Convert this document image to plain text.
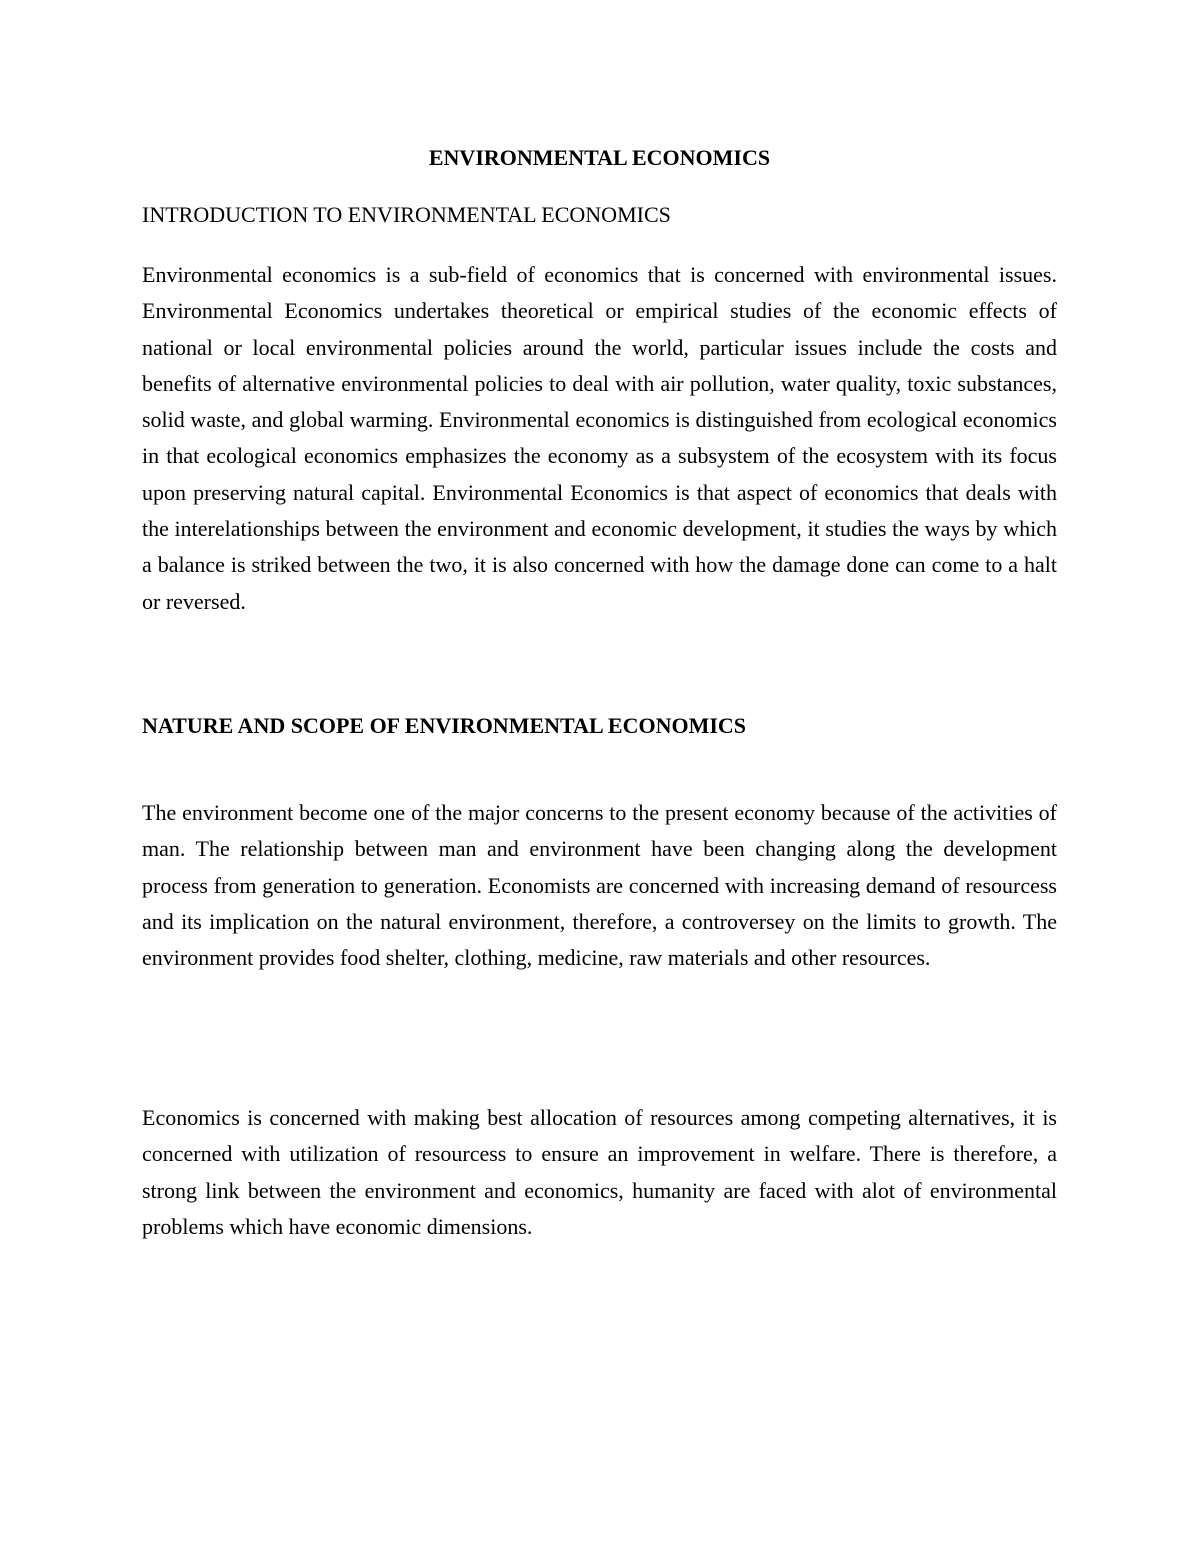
ENVIRONMENTAL ECONOMICS
INTRODUCTION TO ENVIRONMENTAL ECONOMICS

Environmental economics is a sub-field of economics that is concerned with environmental issues. Environmental Economics undertakes theoretical or empirical studies of the economic effects of national or local environmental policies around the world, particular issues include the costs and benefits of alternative environmental policies to deal with air pollution, water quality, toxic substances, solid waste, and global warming. Environmental economics is distinguished from ecological economics in that ecological economics emphasizes the economy as a subsystem of the ecosystem with its focus upon preserving natural capital. Environmental Economics is that aspect of economics that deals with the interelationships between the environment and economic development, it studies the ways by which a balance is striked between the two, it is also concerned with how the damage done can come to a halt or reversed.

NATURE AND SCOPE OF ENVIRONMENTAL ECONOMICS

The environment become one of the major concerns to the present economy because of the activities of man. The relationship between man and environment have been changing along the development process from generation to generation. Economists are concerned with increasing demand of resourcess and its implication on the natural environment, therefore, a controversey on the limits to growth. The environment provides food shelter, clothing, medicine, raw materials and other resources.

Economics is concerned with making best allocation of resources among competing alternatives, it is concerned with utilization of resourcess to ensure an improvement in welfare. There is therefore, a strong link between the environment and economics, humanity are faced with alot of environmental problems which have economic dimensions.
